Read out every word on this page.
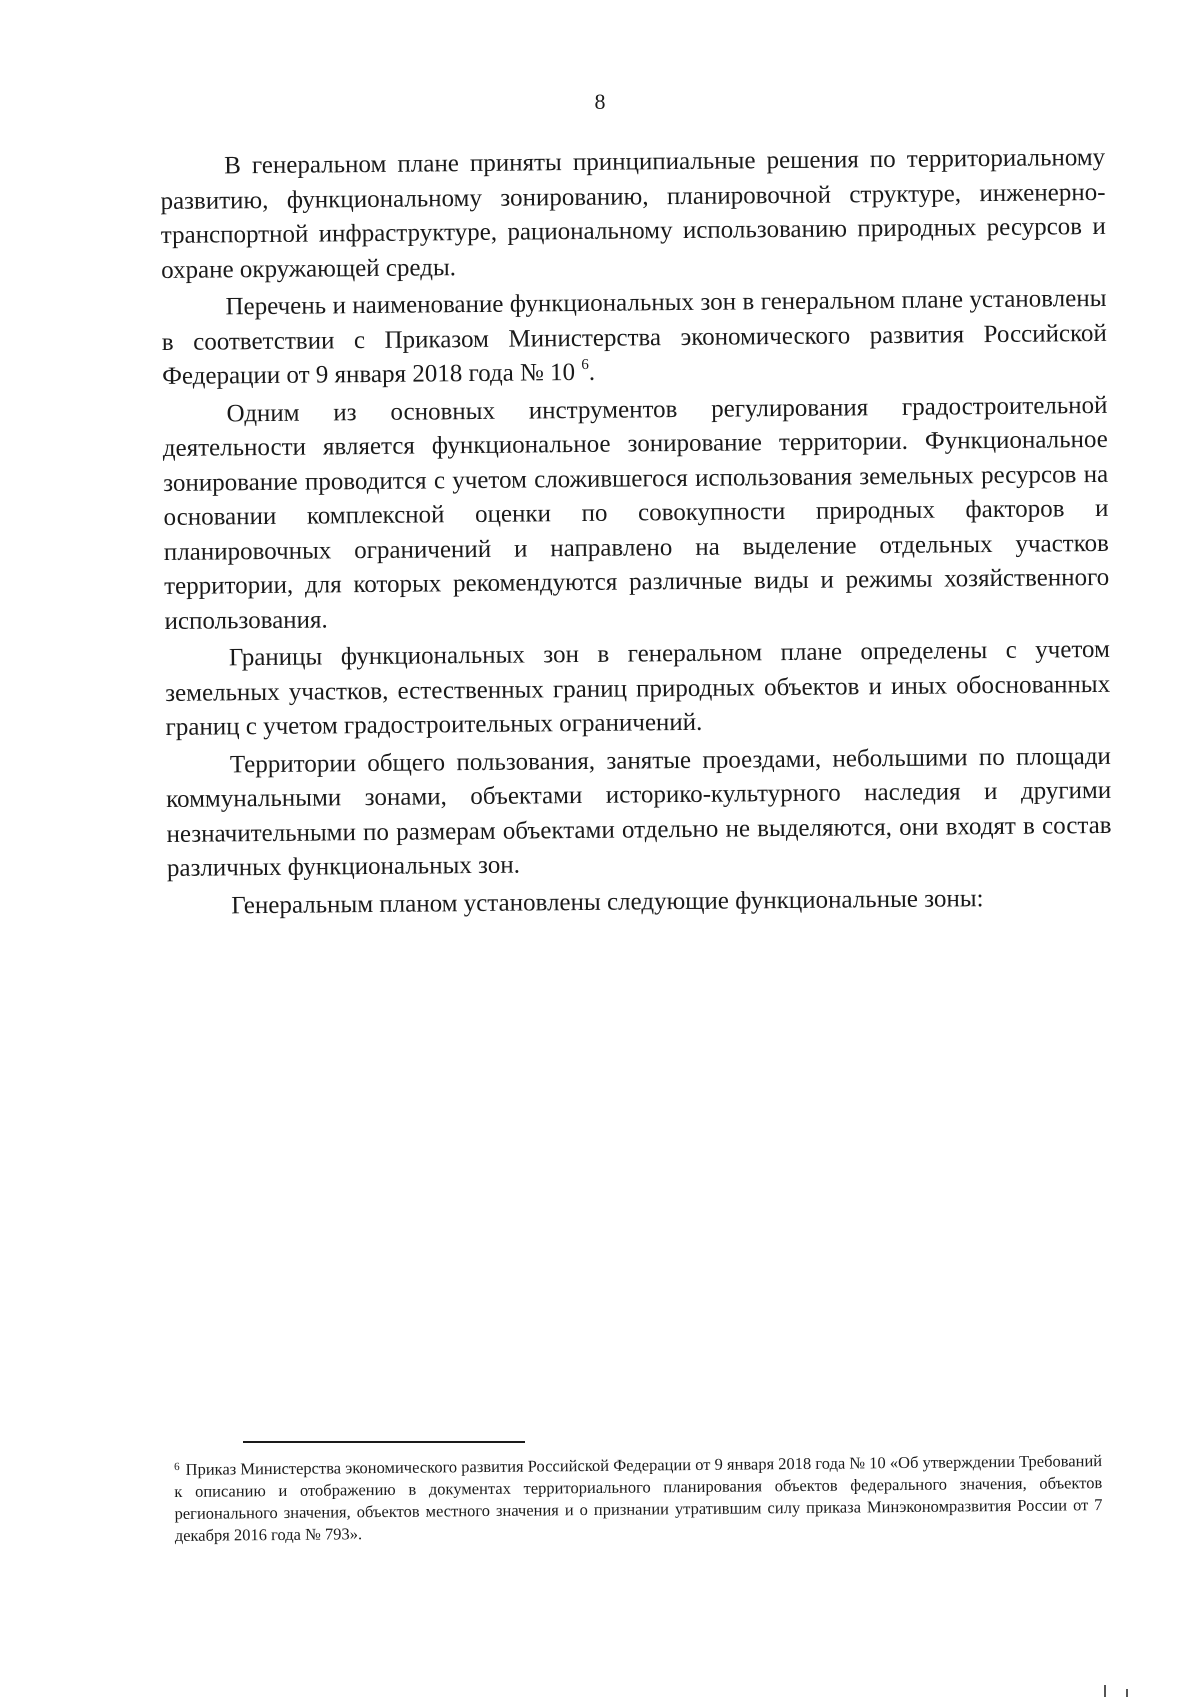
8

В генеральном плане приняты принципиальные решения по территориальному развитию, функциональному зонированию, планировочной структуре, инженерно-транспортной инфраструктуре, рациональному использованию природных ресурсов и охране окружающей среды.

Перечень и наименование функциональных зон в генеральном плане установлены в соответствии с Приказом Министерства экономического развития Российской Федерации от 9 января 2018 года № 10 $^6$.

Одним из основных инструментов регулирования градостроительной деятельности является функциональное зонирование территории. Функциональное зонирование проводится с учетом сложившегося использования земельных ресурсов на основании комплексной оценки по совокупности природных факторов и планировочных ограничений и направлено на выделение отдельных участков территории, для которых рекомендуются различные виды и режимы хозяйственного использования.

Границы функциональных зон в генеральном плане определены с учетом земельных участков, естественных границ природных объектов и иных обоснованных границ с учетом градостроительных ограничений.

Территории общего пользования, занятые проездами, небольшими по площади коммунальными зонами, объектами историко-культурного наследия и другими незначительными по размерам объектами отдельно не выделяются, они входят в состав различных функциональных зон.

Генеральным планом установлены следующие функциональные зоны:

$^6$ Приказ Министерства экономического развития Российской Федерации от 9 января 2018 года № 10 «Об утверждении Требований к описанию и отображению в документах территориального планирования объектов федерального значения, объектов регионального значения, объектов местного значения и о признании утратившим силу приказа Минэкономразвития России от 7 декабря 2016 года № 793».
